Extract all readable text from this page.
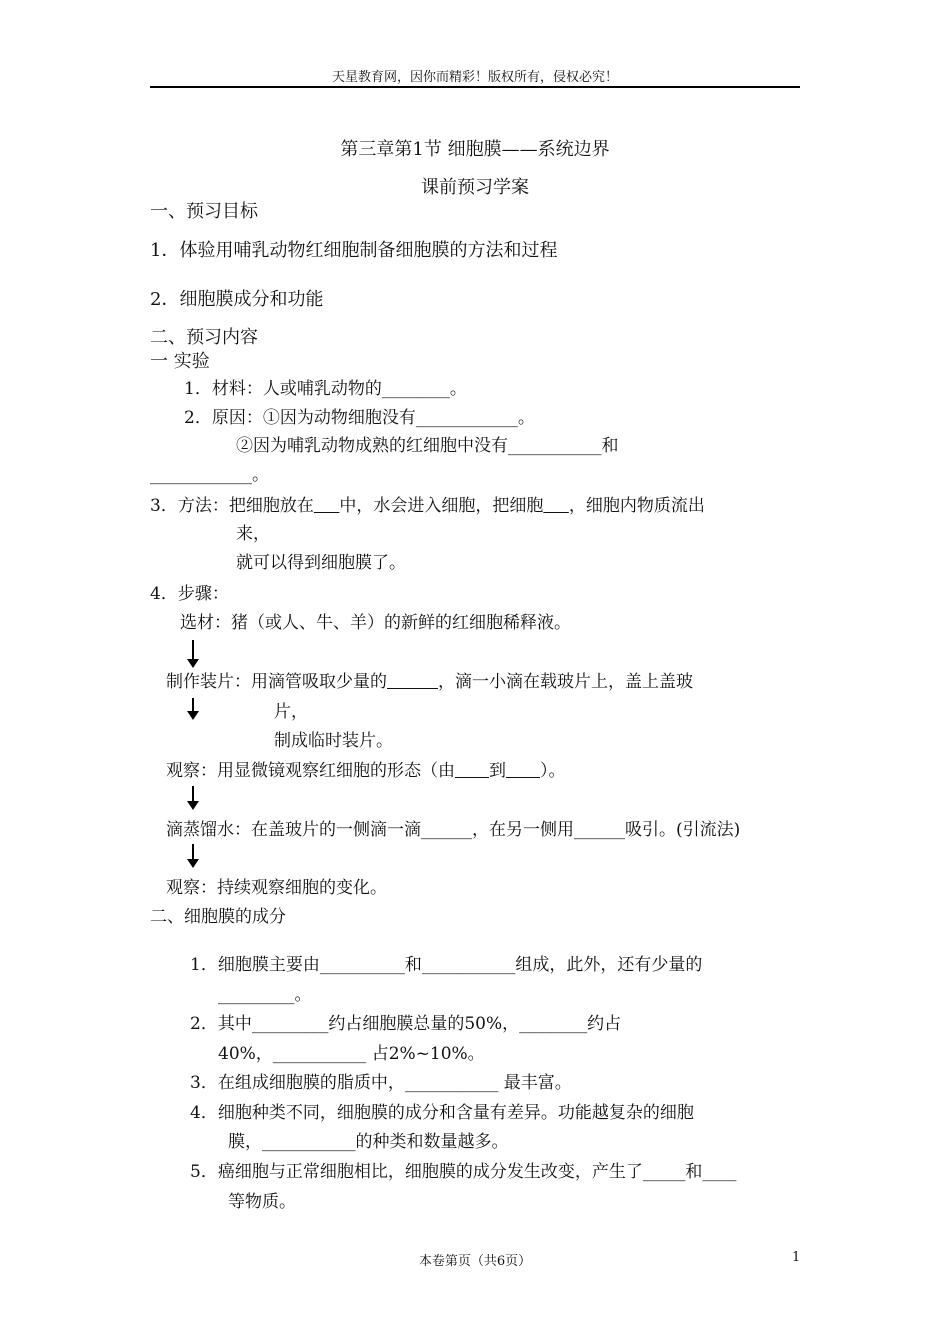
天星教育网，因你而精彩！版权所有，侵权必究！
第三章第1节 细胞膜——系统边界
课前预习学案
一、预习目标
1．体验用哺乳动物红细胞制备细胞膜的方法和过程
2．细胞膜成分和功能
二、预习内容
一 实验
1．材料：人或哺乳动物的________。
2．原因：①因为动物细胞没有____________。
②因为哺乳动物成熟的红细胞中没有___________和
____________。
3．方法：把细胞放在    中，水会进入细胞，把细胞    ，细胞内物质流出
来，
就可以得到细胞膜了。
4．步骤：
选材：猪（或人、牛、羊）的新鲜的红细胞稀释液。
制作装片：用滴管吸取少量的      	，滴一小滴在载玻片上，盖上盖玻
片，
制成临时装片。
观察：用显微镜观察红细胞的形态（由     到     ）。
滴蒸馏水：在盖玻片的一侧滴一滴______，在另一侧用______吸引。(引流法)
观察：持续观察细胞的变化。
二、细胞膜的成分
1．细胞膜主要由__________和___________组成，此外，还有少量的
_________。
2．其中_________约占细胞膜总量的50%，________约占
40%，___________ 占2%~10%。
3．在组成细胞膜的脂质中，___________ 最丰富。
4．细胞种类不同，细胞膜的成分和含量有差异。功能越复杂的细胞
膜，___________的种类和数量越多。
5．癌细胞与正常细胞相比，细胞膜的成分发生改变，产生了_____和____
等物质。
本卷第页（共6页）	1
